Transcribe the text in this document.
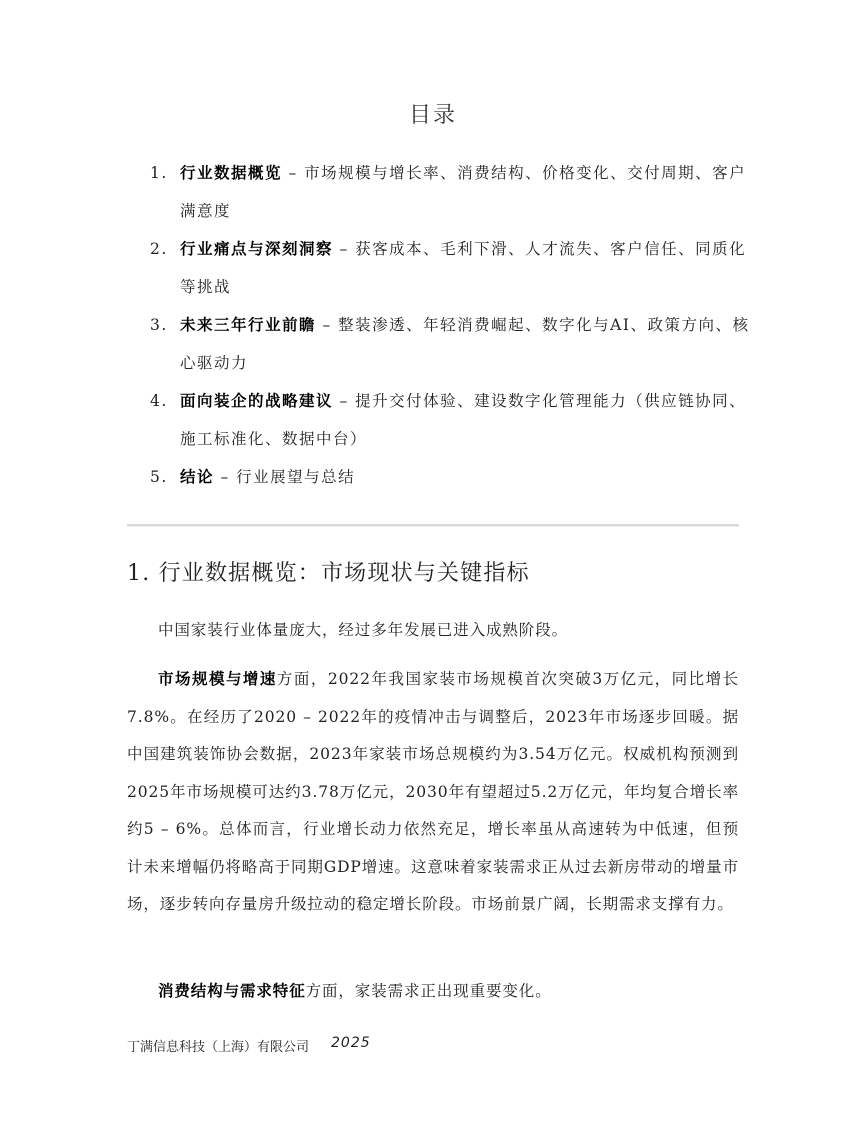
目录
1. 行业数据概览 – 市场规模与增长率、消费结构、价格变化、交付周期、客户满意度
2. 行业痛点与深刻洞察 – 获客成本、毛利下滑、人才流失、客户信任、同质化等挑战
3. 未来三年行业前瞻 – 整装渗透、年轻消费崛起、数字化与AI、政策方向、核心驱动力
4. 面向装企的战略建议 – 提升交付体验、建设数字化管理能力（供应链协同、施工标准化、数据中台）
5. 结论 – 行业展望与总结
1. 行业数据概览：市场现状与关键指标

中国家装行业体量庞大，经过多年发展已进入成熟阶段。

市场规模与增速方面，2022年我国家装市场规模首次突破3万亿元，同比增长7.8%。在经历了2020 – 2022年的疫情冲击与调整后，2023年市场逐步回暖。据中国建筑装饰协会数据，2023年家装市场总规模约为3.54万亿元。权威机构预测到2025年市场规模可达约3.78万亿元，2030年有望超过5.2万亿元，年均复合增长率约5 – 6%。总体而言，行业增长动力依然充足，增长率虽从高速转为中低速，但预计未来增幅仍将略高于同期GDP增速。这意味着家装需求正从过去新房带动的增量市场，逐步转向存量房升级拉动的稳定增长阶段。市场前景广阔，长期需求支撑有力。

消费结构与需求特征方面，家装需求正出现重要变化。

丁满信息科技（上海）有限公司 2025
